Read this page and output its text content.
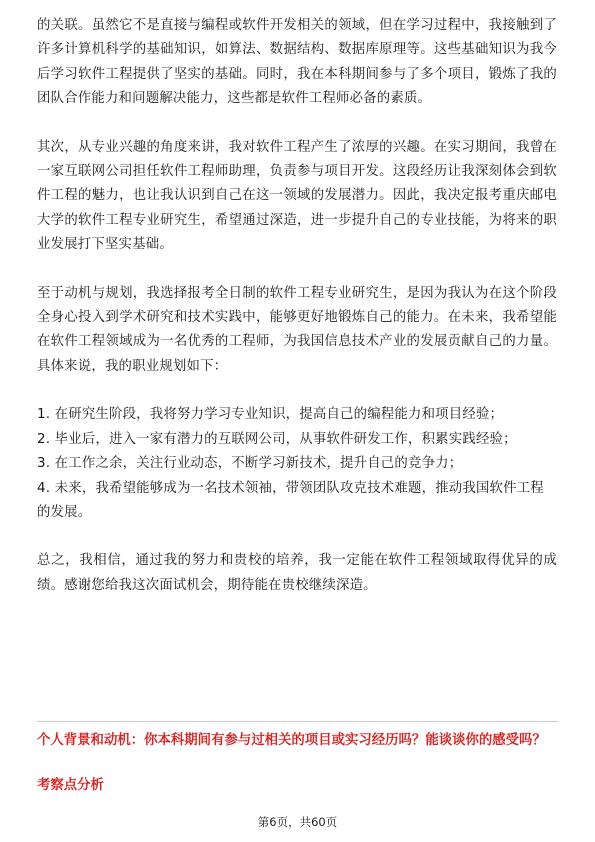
的关联。虽然它不是直接与编程或软件开发相关的领域，但在学习过程中，我接触到了许多计算机科学的基础知识，如算法、数据结构、数据库原理等。这些基础知识为我今后学习软件工程提供了坚实的基础。同时，我在本科期间参与了多个项目，锻炼了我的团队合作能力和问题解决能力，这些都是软件工程师必备的素质。

其次，从专业兴趣的角度来讲，我对软件工程产生了浓厚的兴趣。在实习期间，我曾在一家互联网公司担任软件工程师助理，负责参与项目开发。这段经历让我深刻体会到软件工程的魅力，也让我认识到自己在这一领域的发展潜力。因此，我决定报考重庆邮电大学的软件工程专业研究生，希望通过深造，进一步提升自己的专业技能，为将来的职业发展打下坚实基础。

至于动机与规划，我选择报考全日制的软件工程专业研究生，是因为我认为在这个阶段全身心投入到学术研究和技术实践中，能够更好地锻炼自己的能力。在未来，我希望能在软件工程领域成为一名优秀的工程师，为我国信息技术产业的发展贡献自己的力量。具体来说，我的职业规划如下：

1. 在研究生阶段，我将努力学习专业知识，提高自己的编程能力和项目经验；

2. 毕业后，进入一家有潜力的互联网公司，从事软件研发工作，积累实践经验；

3. 在工作之余，关注行业动态，不断学习新技术，提升自己的竞争力；

4. 未来，我希望能够成为一名技术领袖，带领团队攻克技术难题，推动我国软件工程的发展。

总之，我相信，通过我的努力和贵校的培养，我一定能在软件工程领域取得优异的成绩。感谢您给我这次面试机会，期待能在贵校继续深造。

个人背景和动机：你本科期间有参与过相关的项目或实习经历吗？能谈谈你的感受吗？
考察点分析
第6页，共60页
